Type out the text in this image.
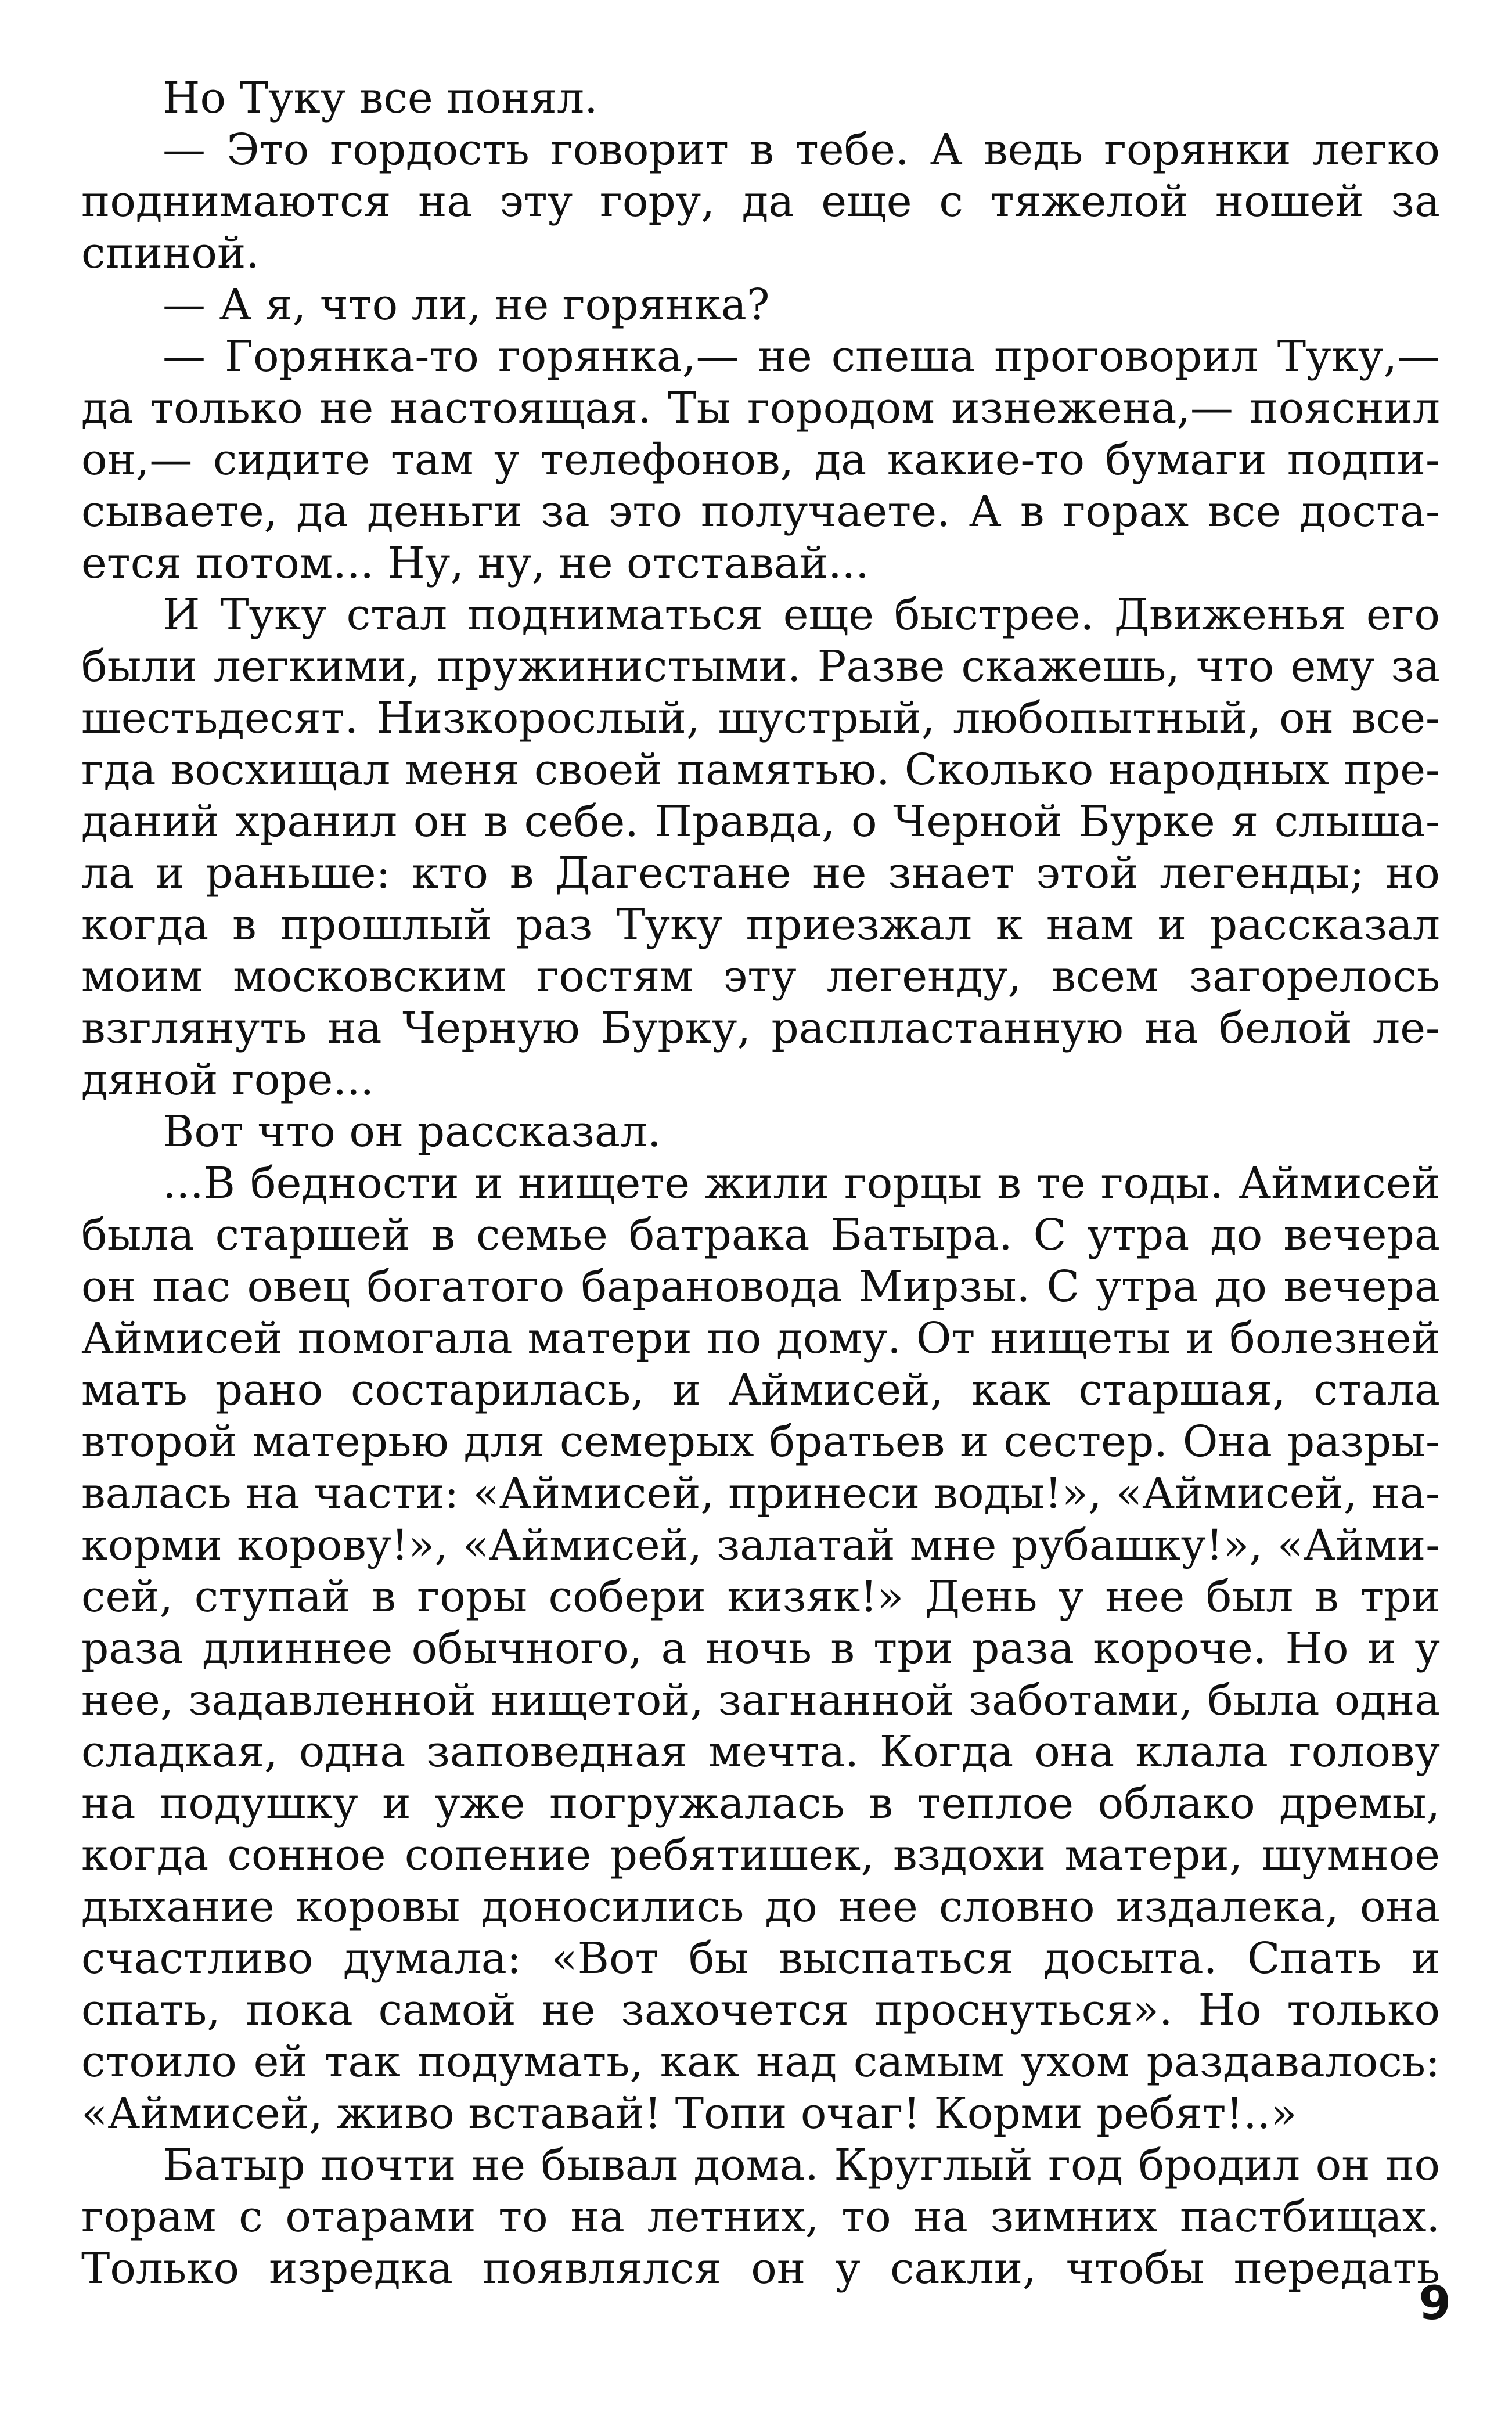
Но Туку все понял.
— Это гордость говорит в тебе. А ведь горянки легко
поднимаются на эту гору, да еще с тяжелой ношей за
спиной.
— А я, что ли, не горянка?
— Горянка-то горянка,— не спеша проговорил Туку,—
да только не настоящая. Ты городом изнежена,— пояснил
он,— сидите там у телефонов, да какие-то бумаги подпи-
сываете, да деньги за это получаете. А в горах все доста-
ется потом... Ну, ну, не отставай...
И Туку стал подниматься еще быстрее. Движенья его
были легкими, пружинистыми. Разве скажешь, что ему за
шестьдесят. Низкорослый, шустрый, любопытный, он все-
гда восхищал меня своей памятью. Сколько народных пре-
даний хранил он в себе. Правда, о Черной Бурке я слыша-
ла и раньше: кто в Дагестане не знает этой легенды; но
когда в прошлый раз Туку приезжал к нам и рассказал
моим московским гостям эту легенду, всем загорелось
взглянуть на Черную Бурку, распластанную на белой ле-
дяной горе...
Вот что он рассказал.
...В бедности и нищете жили горцы в те годы. Аймисей
была старшей в семье батрака Батыра. С утра до вечера
он пас овец богатого барановода Мирзы. С утра до вечера
Аймисей помогала матери по дому. От нищеты и болезней
мать рано состарилась, и Аймисей, как старшая, стала
второй матерью для семерых братьев и сестер. Она разры-
валась на части: «Аймисей, принеси воды!», «Аймисей, на-
корми корову!», «Аймисей, залатай мне рубашку!», «Айми-
сей, ступай в горы собери кизяк!» День у нее был в три
раза длиннее обычного, а ночь в три раза короче. Но и у
нее, задавленной нищетой, загнанной заботами, была одна
сладкая, одна заповедная мечта. Когда она клала голову
на подушку и уже погружалась в теплое облако дремы,
когда сонное сопение ребятишек, вздохи матери, шумное
дыхание коровы доносились до нее словно издалека, она
счастливо думала: «Вот бы выспаться досыта. Спать и
спать, пока самой не захочется проснуться». Но только
стоило ей так подумать, как над самым ухом раздавалось:
«Аймисей, живо вставай! Топи очаг! Корми ребят!..»
Батыр почти не бывал дома. Круглый год бродил он по
горам с отарами то на летних, то на зимних пастбищах.
Только изредка появлялся он у сакли, чтобы передать
9
